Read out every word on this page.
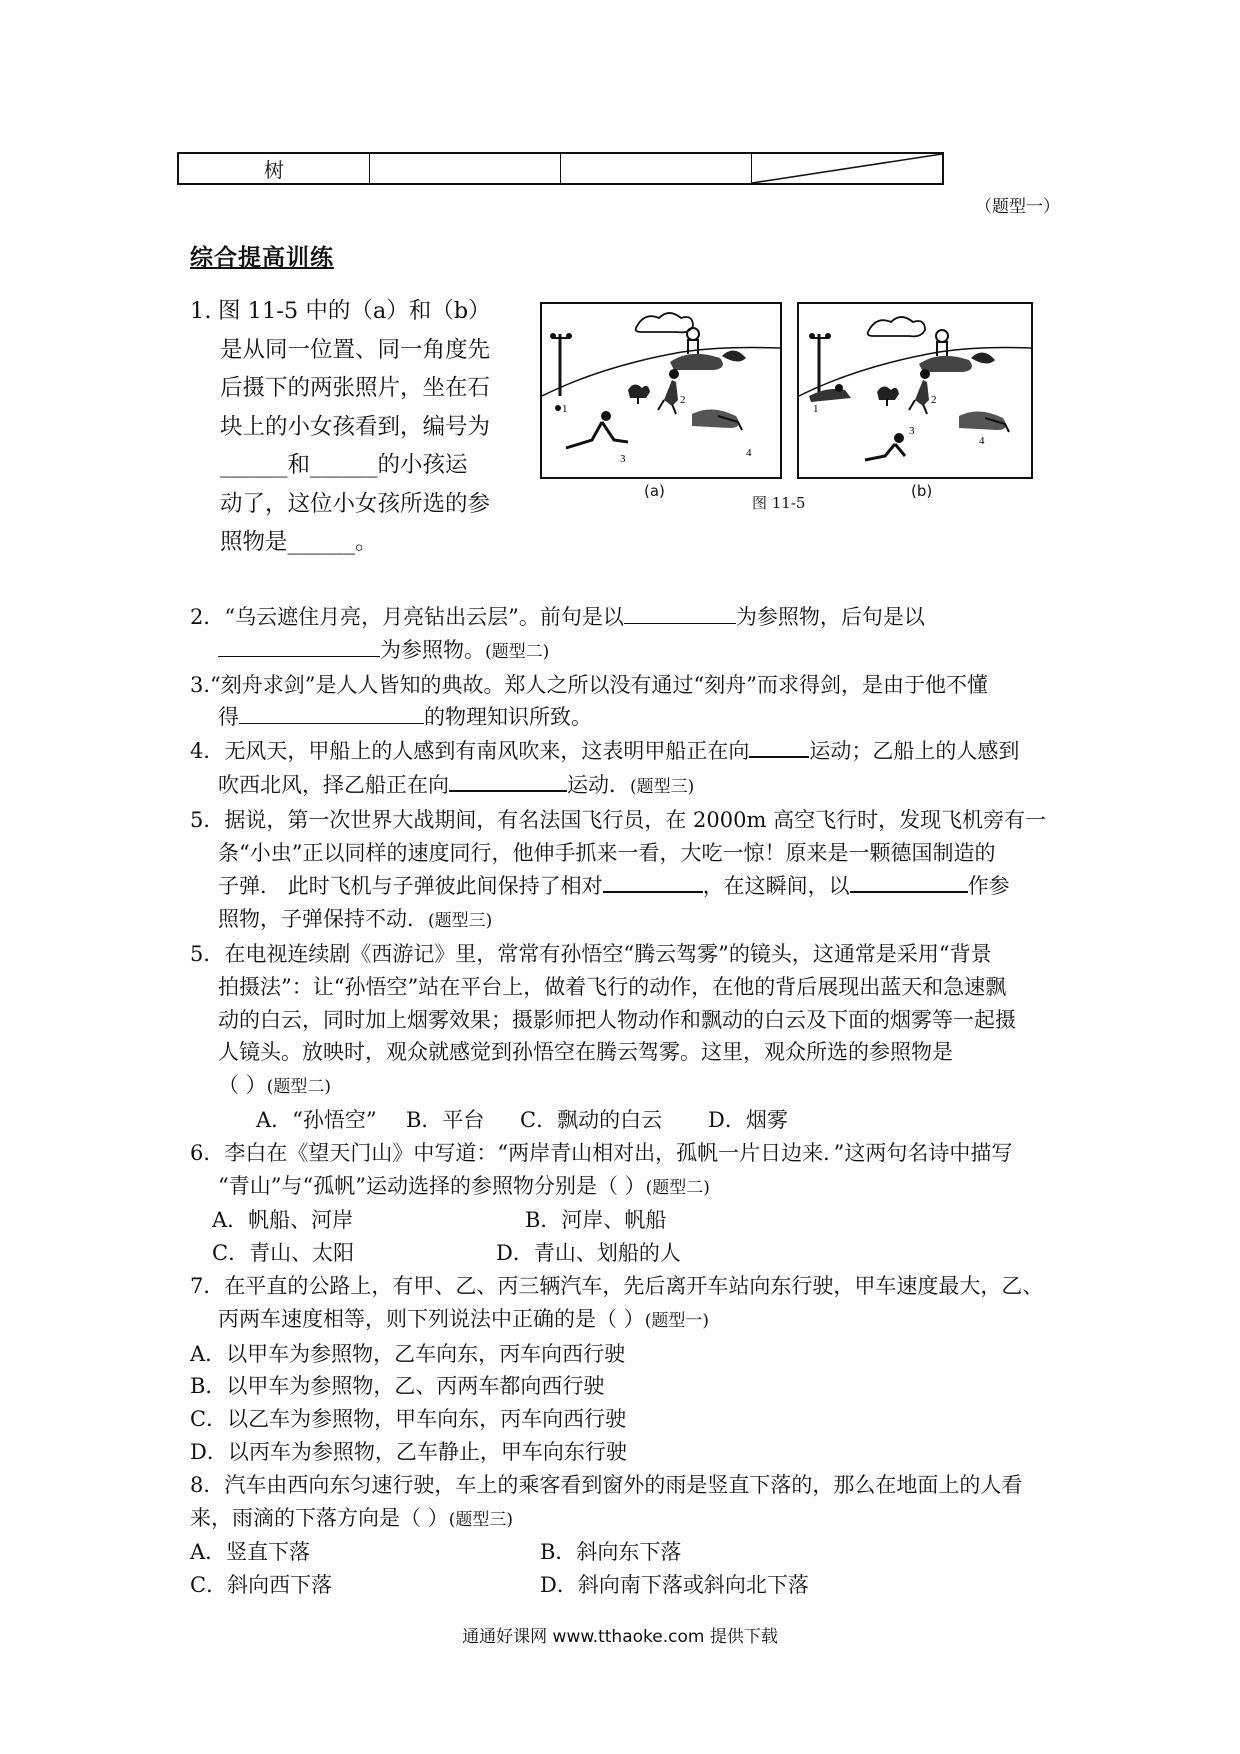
树
（题型一）
综合提高训练
1. 图 11-5 中的（a）和（b）
是从同一位置、同一角度先
后摄下的两张照片，坐在石
块上的小女孩看到，编号为
______和______的小孩运
动了，这位小女孩所选的参
照物是______。
1
2
3	4
(a)
1
2
3
4
(b)
图 11-5
2．“乌云遮住月亮，月亮钻出云层”。前句是以	为参照物，后句是以
为参照物。(题型二)
3.“刻舟求剑”是人人皆知的典故。郑人之所以没有通过“刻舟”而求得剑，是由于他不懂
得	的物理知识所致。
4．无风天，甲船上的人感到有南风吹来，这表明甲船正在向	运动；乙船上的人感到
吹西北风，择乙船正在向	运动．(题型三)
5．据说，第一次世界大战期间，有名法国飞行员，在 2000m 高空飞行时，发现飞机旁有一
条“小虫”正以同样的速度同行，他伸手抓来一看，大吃一惊！原来是一颗德国制造的
子弹． 此时飞机与子弹彼此间保持了相对	，在这瞬间，以	作参
照物，子弹保持不动．(题型三)
5．在电视连续剧《西游记》里，常常有孙悟空“腾云驾雾”的镜头，这通常是采用“背景
拍摄法”：让“孙悟空”站在平台上，做着飞行的动作，在他的背后展现出蓝天和急速飘
动的白云，同时加上烟雾效果；摄影师把人物动作和飘动的白云及下面的烟雾等一起摄
人镜头。放映时，观众就感觉到孙悟空在腾云驾雾。这里，观众所选的参照物是
（ ）(题型二)
A．“孙悟空”	B．平台	C．飘动的白云	D．烟雾
6．李白在《望天门山》中写道：“两岸青山相对出，孤帆一片日边来．”这两句名诗中描写
“青山”与“孤帆”运动选择的参照物分别是（ ）(题型二)
A．帆船、河岸	B．河岸、帆船
C．青山、太阳	D．青山、划船的人
7．在平直的公路上，有甲、乙、丙三辆汽车，先后离开车站向东行驶，甲车速度最大，乙、
丙两车速度相等，则下列说法中正确的是（ ）(题型一)
A．以甲车为参照物，乙车向东，丙车向西行驶
B．以甲车为参照物，乙、丙两车都向西行驶
C．以乙车为参照物，甲车向东，丙车向西行驶
D．以丙车为参照物，乙车静止，甲车向东行驶
8．汽车由西向东匀速行驶，车上的乘客看到窗外的雨是竖直下落的，那么在地面上的人看
来，雨滴的下落方向是（ ）(题型三)
A．竖直下落	B．斜向东下落
C．斜向西下落	D．斜向南下落或斜向北下落
通通好课网 www.tthaoke.com 提供下载
